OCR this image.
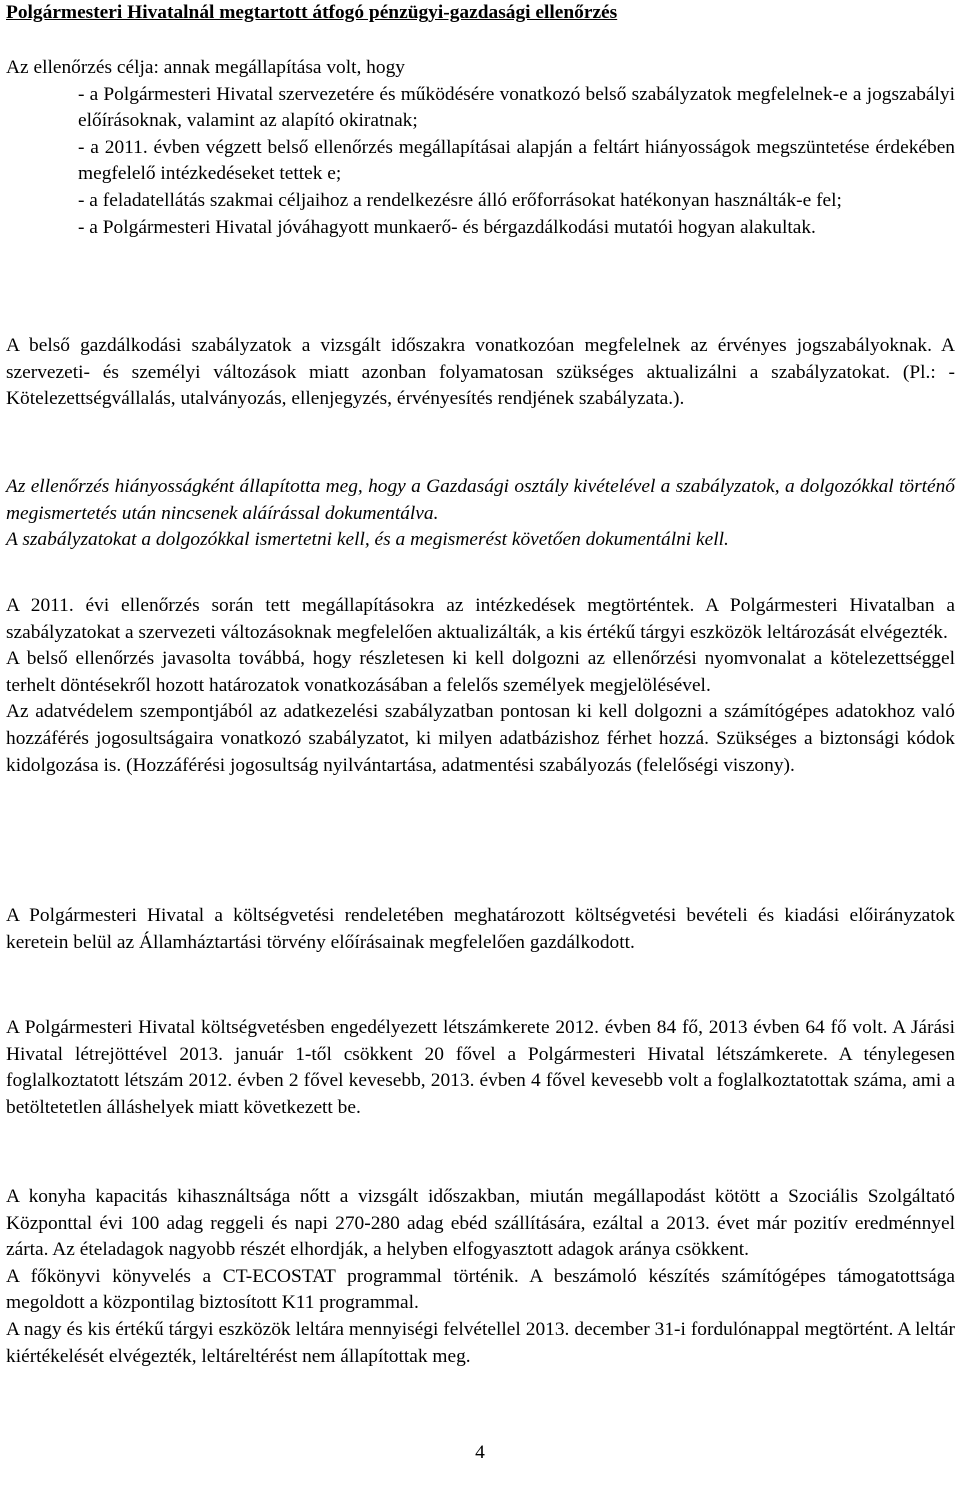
Polgármesteri Hivatalnál megtartott átfogó pénzügyi-gazdasági ellenőrzés

Az ellenőrzés célja: annak megállapítása volt, hogy

- a Polgármesteri Hivatal szervezetére és működésére vonatkozó belső szabályzatok megfelelnek-e a jogszabályi előírásoknak, valamint az alapító okiratnak;

- a 2011. évben végzett belső ellenőrzés megállapításai alapján a feltárt hiányosságok megszüntetése érdekében megfelelő intézkedéseket tettek e;

- a feladatellátás szakmai céljaihoz a rendelkezésre álló erőforrásokat hatékonyan használták-e fel;

- a Polgármesteri Hivatal jóváhagyott munkaerő- és bérgazdálkodási mutatói hogyan alakultak.

A belső gazdálkodási szabályzatok a vizsgált időszakra vonatkozóan megfelelnek az érvényes jogszabályoknak. A szervezeti- és személyi változások miatt azonban folyamatosan szükséges aktualizálni a szabályzatokat. (Pl.: - Kötelezettségvállalás, utalványozás, ellenjegyzés, érvényesítés rendjének szabályzata.).

Az ellenőrzés hiányosságként állapította meg, hogy a Gazdasági osztály kivételével a szabályzatok, a dolgozókkal történő megismertetés után nincsenek aláírással dokumentálva.

A szabályzatokat a dolgozókkal ismertetni kell, és a megismerést követően dokumentálni kell.

A 2011. évi ellenőrzés során tett megállapításokra az intézkedések megtörténtek. A Polgármesteri Hivatalban a szabályzatokat a szervezeti változásoknak megfelelően aktualizálták, a kis értékű tárgyi eszközök leltározását elvégezték.

A belső ellenőrzés javasolta továbbá, hogy részletesen ki kell dolgozni az ellenőrzési nyomvonalat a kötelezettséggel terhelt döntésekről hozott határozatok vonatkozásában a felelős személyek megjelölésével.

Az adatvédelem szempontjából az adatkezelési szabályzatban pontosan ki kell dolgozni a számítógépes adatokhoz való hozzáférés jogosultságaira vonatkozó szabályzatot, ki milyen adatbázishoz férhet hozzá. Szükséges a biztonsági kódok kidolgozása is. (Hozzáférési jogosultság nyilvántartása, adatmentési szabályozás (felelőségi viszony).

A Polgármesteri Hivatal a költségvetési rendeletében meghatározott költségvetési bevételi és kiadási előirányzatok keretein belül az Államháztartási törvény előírásainak megfelelően gazdálkodott.

A Polgármesteri Hivatal költségvetésben engedélyezett létszámkerete 2012. évben 84 fő, 2013 évben 64 fő volt. A Járási Hivatal létrejöttével 2013. január 1-től csökkent 20 fővel a Polgármesteri Hivatal létszámkerete. A ténylegesen foglalkoztatott létszám 2012. évben 2 fővel kevesebb, 2013. évben 4 fővel kevesebb volt a foglalkoztatottak száma, ami a betöltetetlen álláshelyek miatt következett be.

A konyha kapacitás kihasználtsága nőtt a vizsgált időszakban, miután megállapodást kötött a Szociális Szolgáltató Központtal évi 100 adag reggeli és napi 270-280 adag ebéd szállítására, ezáltal a 2013. évet már pozitív eredménnyel zárta. Az ételadagok nagyobb részét elhordják, a helyben elfogyasztott adagok aránya csökkent.

A főkönyvi könyvelés a CT-ECOSTAT programmal történik. A beszámoló készítés számítógépes támogatottsága megoldott a központilag biztosított K11 programmal.

A nagy és kis értékű tárgyi eszközök leltára mennyiségi felvétellel 2013. december 31-i fordulónappal megtörtént. A leltár kiértékelését elvégezték, leltáreltérést nem állapítottak meg.

4
